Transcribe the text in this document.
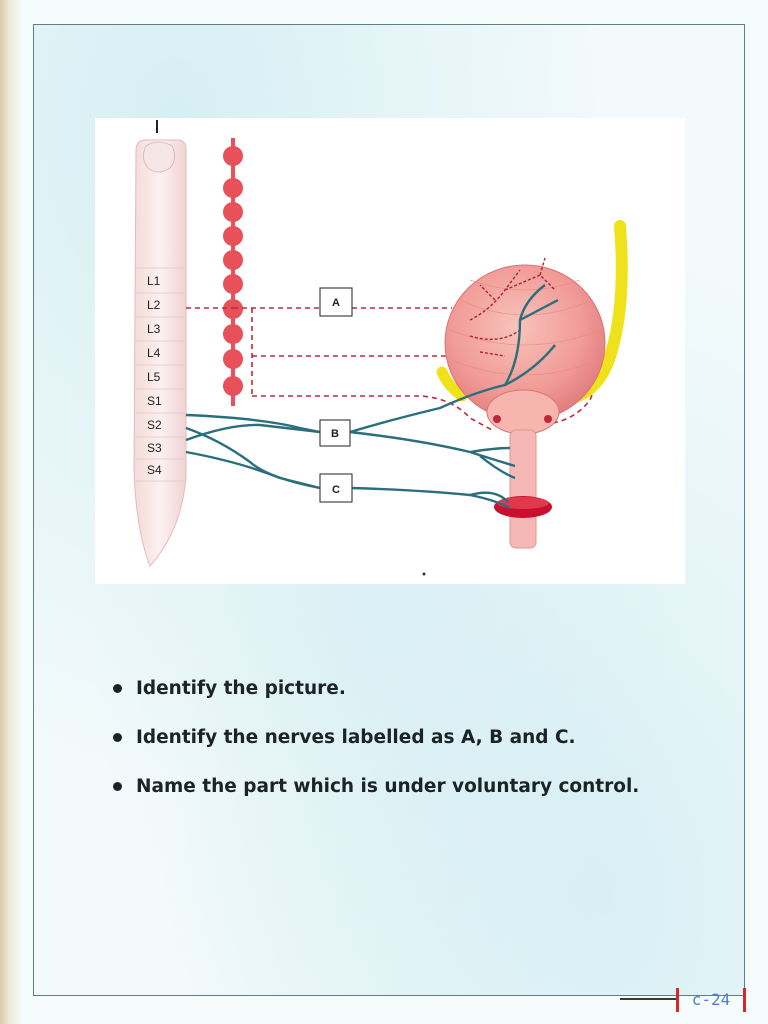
L1
L2
L3
L4
L5
S1
S2
S3
S4
A
B
C
Identify the picture.
Identify the nerves labelled as A, B and C.
Name the part which is under voluntary control.
c-24
